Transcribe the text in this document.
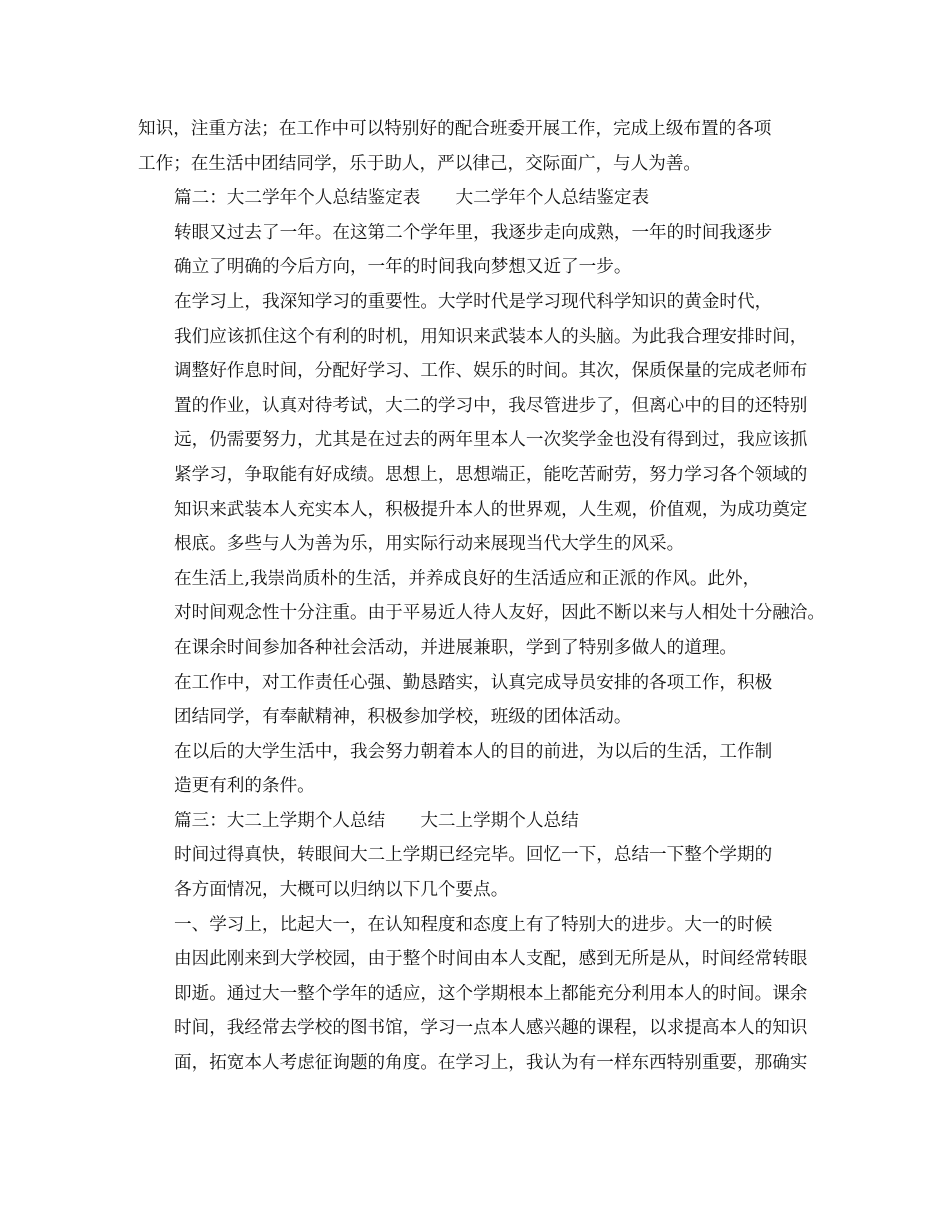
知识，注重方法；在工作中可以特别好的配合班委开展工作，完成上级布置的各项
工作；在生活中团结同学，乐于助人，严以律己，交际面广，与人为善。

篇二：大二学年个人总结鉴定表　　大二学年个人总结鉴定表

转眼又过去了一年。在这第二个学年里，我逐步走向成熟，一年的时间我逐步
确立了明确的今后方向，一年的时间我向梦想又近了一步。

在学习上，我深知学习的重要性。大学时代是学习现代科学知识的黄金时代，
我们应该抓住这个有利的时机，用知识来武装本人的头脑。为此我合理安排时间，
调整好作息时间，分配好学习、工作、娱乐的时间。其次，保质保量的完成老师布
置的作业，认真对待考试，大二的学习中，我尽管进步了，但离心中的目的还特别
远，仍需要努力，尤其是在过去的两年里本人一次奖学金也没有得到过，我应该抓
紧学习，争取能有好成绩。思想上，思想端正，能吃苦耐劳，努力学习各个领域的
知识来武装本人充实本人，积极提升本人的世界观，人生观，价值观，为成功奠定
根底。多些与人为善为乐，用实际行动来展现当代大学生的风采。

在生活上,我崇尚质朴的生活，并养成良好的生活适应和正派的作风。此外，
对时间观念性十分注重。由于平易近人待人友好，因此不断以来与人相处十分融洽。
在课余时间参加各种社会活动，并进展兼职，学到了特别多做人的道理。

在工作中，对工作责任心强、勤恳踏实，认真完成导员安排的各项工作，积极
团结同学，有奉献精神，积极参加学校，班级的团体活动。

在以后的大学生活中，我会努力朝着本人的目的前进，为以后的生活，工作制
造更有利的条件。

篇三：大二上学期个人总结　　大二上学期个人总结

时间过得真快，转眼间大二上学期已经完毕。回忆一下，总结一下整个学期的
各方面情况，大概可以归纳以下几个要点。

一、学习上，比起大一，在认知程度和态度上有了特别大的进步。大一的时候
由因此刚来到大学校园，由于整个时间由本人支配，感到无所是从，时间经常转眼
即逝。通过大一整个学年的适应，这个学期根本上都能充分利用本人的时间。课余
时间，我经常去学校的图书馆，学习一点本人感兴趣的课程，以求提高本人的知识
面，拓宽本人考虑征询题的角度。在学习上，我认为有一样东西特别重要，那确实
